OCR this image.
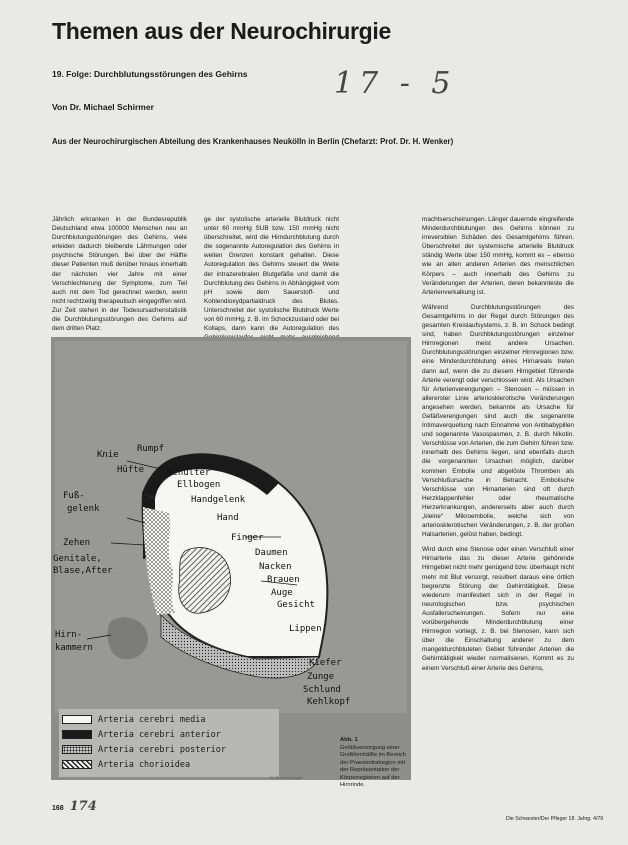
Themen aus der Neurochirurgie
19. Folge: Durchblutungsstörungen des Gehirns	17 - 5
Von Dr. Michael Schirmer
Aus der Neurochirurgischen Abteilung des Krankenhauses Neukölln in Berlin (Chefarzt: Prof. Dr. H. Wenker)

Jährlich erkranken in der Bundesrepublik Deutschland etwa 100000 Menschen neu an Durchblutungsstörungen des Gehirns, viele erleiden dadurch bleibende Lähmungen oder psychische Störungen. Bei über der Hälfte dieser Patienten muß derüber hinaus innerhalb der nächsten vier Jahre mit einer Verschlechterung der Symptome, zum Teil auch mit dem Tod gerechnet werden, wenn nicht rechtzeitig therapeutisch eingegriffen wird. Zur Zeit stehen in der Todesursachenstatistik die Durchblutungsstörungen des Gehirns auf dem dritten Platz.

ge der systolische arterielle Blutdruck nicht unter 60 mmHg SUB bzw. 150 mmHg nicht überschreitet, wird die Hirndurchblutung durch die sogenannte Autoregulation des Gehirns in weiten Grenzen konstant gehalten. Diese Autoregulation des Gehirns steuert die Weite der intrazerebralen Blutgefäße und damit die Durchblutung des Gehirns in Abhängigkeit vom pH sowie dem Sauerstoff- und Kohlendioxydpartialdruck des Blutes. Unterschreitet der systolische Blutdruck Werte von 60 mmHg, z. B. im Schockzustand oder bei Kollaps, dann kann die Autoregulation des

machtserscheinungen. Länger dauernde eingreifende Minderdurchblutungen des Gehirns können zu irreversiblen Schäden des Gesamtgehirns führen. Überschreitet der systemische arterielle Blutdruck ständig Werte über 150 mmHg, kommt es – ebenso wie an allen anderen Arterien des menschlichen Körpers – auch innerhalb des Gehirns zu Veränderungen der Arterien, deren bekannteste die Arterienverkalkung ist.

Während Durchblutungsstörungen des Gesamtgehirns in der Regel durch Störungen des gesamten Kreislaufsystems, z. B. im Schock bedingt sind, haben Durchblutungsstörungen einzelner Hirnregionen meist andere Ursachen. Durchblutungsstörungen einzelner Hirnregionen bzw. eine Minderdurchblutung eines Hirnareals treten dann auf, wenn die zu diesem Hirngebiet führende Arterie verengt oder verschlossen wird. Als Ursachen für Arterienverengungen – Stenosen – müssen in allererster Linie arteriosklerotische Veränderungen angesehen werden, bekannte als Ursache für Gefäßverengungen sind auch die sogenannte Intimaverquellung nach Einnahme von Antibabypillen und sogenannte Vasospasmen, z. B. durch Nikotin. Verschlüsse von Arterien, die zum Gehirn führen bzw. innerhalb des Gehirns liegen, sind ebenfalls durch die vorgenannten Ursachen möglich, darüber kommen Embolie und abgelöste Thromben als Verschlußursache in Betracht. Embolische Verschlüsse von Hirnarterien sind oft durch Herzklappenfehler oder rheumatische Herzerkrankungen, andererseits aber auch durch „kleine“ Mikroembolie, welche sich von arteriosklerotischen Veränderungen, z. B. der großen Halsarterien, gelöst haben, bedingt.

Wird durch eine Stenose oder einen Verschluß einer Hirnarterie das zu dieser Arterie gehörende Hirngebiet nicht mehr genügend bzw. überhaupt nicht mehr mit Blut versorgt, resultiert daraus eine örtlich begrenzte Störung der Gehirntätigkeit. Diese wiederum manifestiert sich in der Regel in neurologischen bzw. psychischen Ausfallerscheinungen. Sofern nur eine vorübergehende Minderdurchblutung einer Hirnregion vorliegt, z. B. bei Stenosen, kann sich über die Einschaltung anderer zu dem mangeldurchbluteten Gebiet führender Arterien die Gehirntätigkeit wieder normalisieren. Kommt es zu einem Verschluß einer Arterie des Gehirns,

Knie
Rumpf
Hüfte	Schulter
Ellbogen
Handgelenk
Hand
Fuß-
gelenk
Zehen
Genitale,
Blase,After
Finger
Daumen
Nacken
Brauen
Auge
Gesicht
Lippen
Hirn-
kammern
Kiefer
Zunge
Schlund
Kehlkopf
Arteria cerebri media
Arteria cerebri anterior
Arteria cerebri posterior
Arteria chorioidea
W. Bortenschlager
Abb. 1
Gefäßversorgung einer Großhirnhälfte im Bereich der Praezentralregion mit der Repräsentation der Körperregionen auf der Hirnrinde.
168 174
Die Schwester/Der Pfleger 18. Jahrg. 4/79
